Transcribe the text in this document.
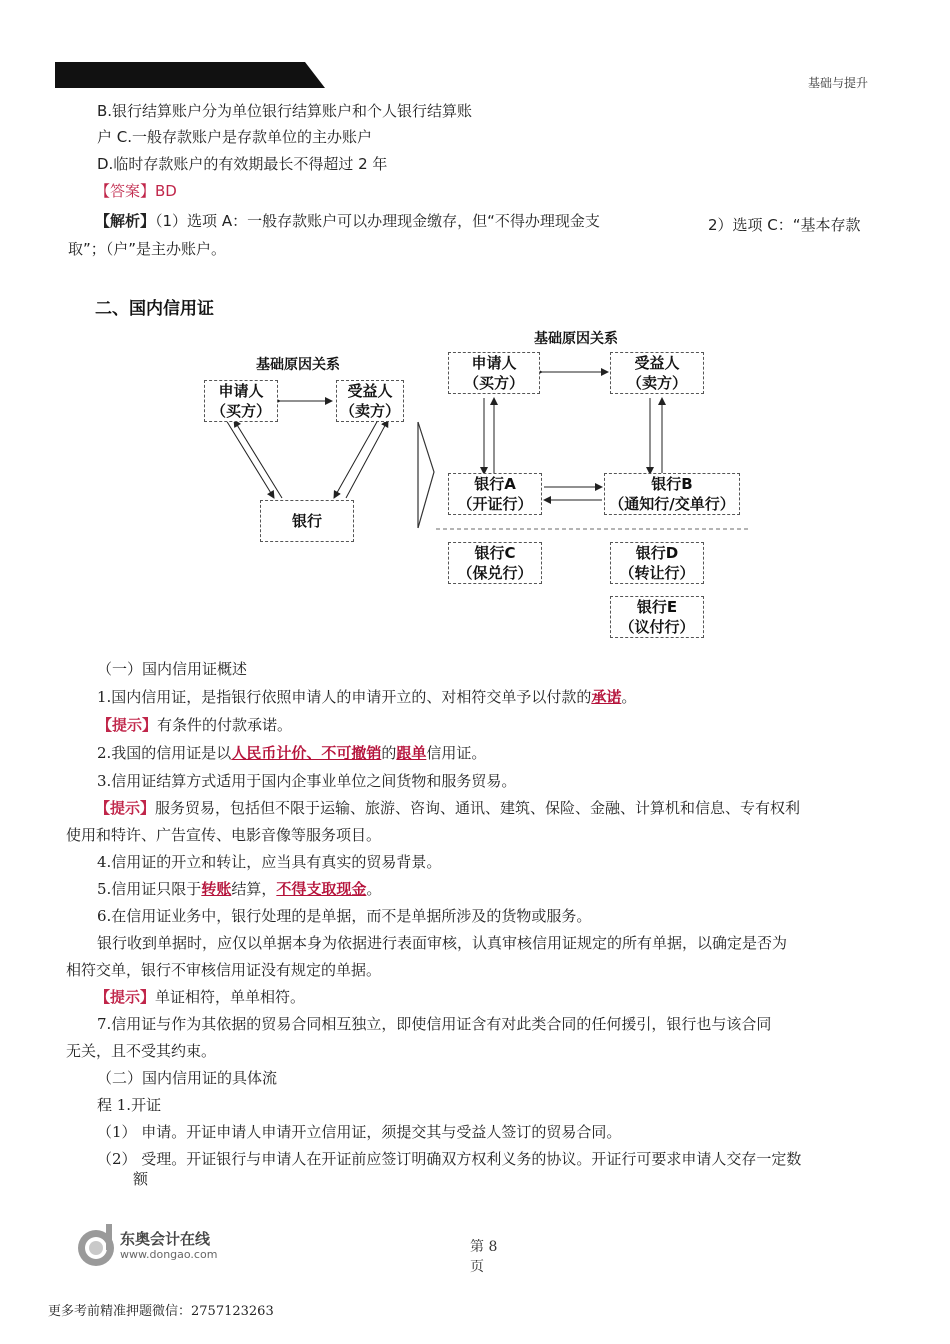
基础与提升
B.银行结算账户分为单位银行结算账户和个人银行结算账
户 C.一般存款账户是存款单位的主办账户
D.临时存款账户的有效期最长不得超过 2 年
【答案】BD
【解析】（1）选项 A：一般存款账户可以办理现金缴存，但“不得办理现金支	2）选项 C：“基本存款
取”；（户”是主办账户。
二、国内信用证
基础原因关系
基础原因关系
申请人
（买方）
受益人
（卖方）
银行
申请人
（买方）
受益人
（卖方）
银行A
（开证行）
银行B
（通知行/交单行）
银行C
（保兑行）
银行D
（转让行）
银行E
（议付行）
（一）国内信用证概述
1.国内信用证，是指银行依照申请人的申请开立的、对相符交单予以付款的承诺。
【提示】有条件的付款承诺。
2.我国的信用证是以人民币计价、不可撤销的跟单信用证。
3.信用证结算方式适用于国内企事业单位之间货物和服务贸易。
【提示】服务贸易，包括但不限于运输、旅游、咨询、通讯、建筑、保险、金融、计算机和信息、专有权利
使用和特许、广告宣传、电影音像等服务项目。
4.信用证的开立和转让，应当具有真实的贸易背景。
5.信用证只限于转账结算，不得支取现金。
6.在信用证业务中，银行处理的是单据，而不是单据所涉及的货物或服务。
银行收到单据时，应仅以单据本身为依据进行表面审核，认真审核信用证规定的所有单据，以确定是否为
相符交单，银行不审核信用证没有规定的单据。
【提示】单证相符，单单相符。
7.信用证与作为其依据的贸易合同相互独立，即使信用证含有对此类合同的任何援引，银行也与该合同
无关，且不受其约束。
（二）国内信用证的具体流
程 1.开证
（1） 申请。开证申请人申请开立信用证，须提交其与受益人签订的贸易合同。
（2） 受理。开证银行与申请人在开证前应签订明确双方权利义务的协议。开证行可要求申请人交存一定数
额
东奥会计在线
www.dongao.com	第 8 页
更多考前精准押题微信：2757123263
